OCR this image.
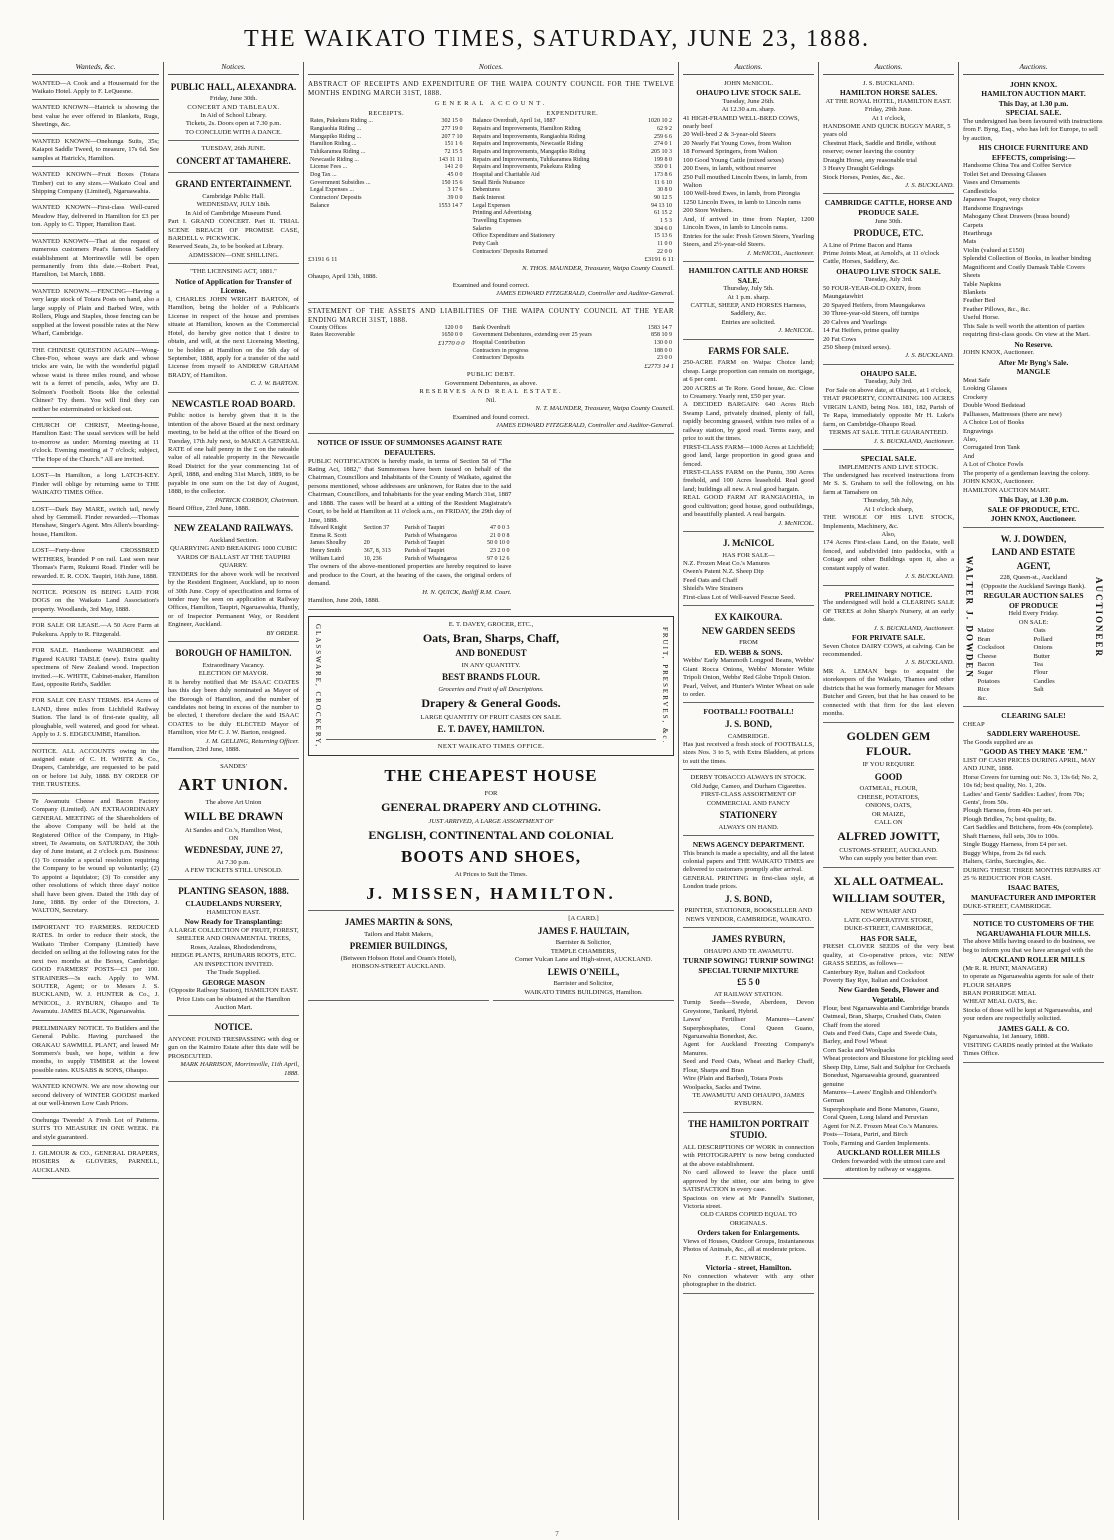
THE WAIKATO TIMES, SATURDAY, JUNE 23, 1888.
Wanteds, &c.

WANTED—A Cook and a Housemaid for the Waikato Hotel. Apply to F. LeQuesne.

WANTED KNOWN—Hatrick is showing the best value he ever offered in Blankets, Rugs, Sheetings, &c.

WANTED KNOWN—Onehunga Suits, 35s; Kaiapoi Saddle Tweed, to measure, 17s 6d. See samples at Hatrick's, Hamilton.

WANTED KNOWN—Fruit Boxes (Totara Timber) cut to any sizes.—Waikato Coal and Shipping Company (Limited), Ngaruawahia.

WANTED KNOWN—First-class Well-cured Meadow Hay, delivered in Hamilton for £3 per ton. Apply to C. Tipper, Hamilton East.

WANTED KNOWN—That at the request of numerous customers Peat's famous Saddlery establishment at Morrinsville will be open permanently from this date.—Robert Peat, Hamilton, 1st March, 1888.

WANTED KNOWN.—FENCING—Having a very large stock of Totara Posts on hand, also a large supply of Plain and Barbed Wire, with Rollers, Plugs and Staples, those fencing can be supplied at the lowest possible rates at the New Wharf, Cambridge.

THE CHINESE QUESTION AGAIN—Wong-Chee-Foo, whose ways are dark and whose tricks are vain, lie with the wonderful pigtail whose waist is three miles round, and whose wit is a ferret of pencils, asks, Why are D. Solmon's Footbolt Boots like the celestial Chinee? Try them. You will find they can neither be exterminated or kicked out.

CHURCH OF CHRIST, Meeting-house, Hamilton East: The usual services will be held to-morrow as under: Morning meeting at 11 o'clock. Evening meeting at 7 o'clock; subject, "The Hope of the Church." All are invited.

LOST—In Hamilton, a long LATCH-KEY. Finder will oblige by returning same to THE WAIKATO TIMES Office.

LOST—Dark Bay MARE, switch tail, newly shod by Gemmell. Finder rewarded.—Thomas Henshaw, Singer's Agent. Mrs Allen's boarding-house, Hamilton.

LOST—Forty-three CROSSBRED WETHERS, branded P on rail. Last seen near Thomas's Farm, Rukumi Road. Finder will be rewarded. E. R. COX. Taupiri, 16th June, 1888.

NOTICE. POISON IS BEING LAID FOR DOGS on the Waikato Land Association's property. Woodlands, 3rd May, 1888.

FOR SALE OR LEASE.—A 50 Acre Farm at Pukekura. Apply to R. Fitzgerald.

FOR SALE. Handsome WARDROBE and Figured KAURI TABLE (new). Extra quality specimens of New Zealand wood. Inspection invited.—K. WHITE, Cabinet-maker, Hamilton East, opposite Reid's, Saddler.

FOR SALE ON EASY TERMS. 854 Acres of LAND, three miles from Lichfield Railway Station. The land is of first-rate quality, all ploughable, well watered, and good for wheat. Apply to J. S. EDGECUMBE, Hamilton.

NOTICE. ALL ACCOUNTS owing in the assigned estate of C. H. WHITE & Co., Drapers, Cambridge, are requested to be paid on or before 1st July, 1888. BY ORDER OF THE TRUSTEES.

Te Awamutu Cheese and Bacon Factory Company (Limited). AN EXTRAORDINARY GENERAL MEETING of the Shareholders of the above Company will be held at the Registered Office of the Company, in High-street, Te Awamutu, on SATURDAY, the 30th day of June instant, at 2 o'clock p.m. Business: (1) To consider a special resolution requiring the Company to be wound up voluntarily; (2) To appoint a liquidator; (3) To consider any other resolutions of which three days' notice shall have been given. Dated the 19th day of June, 1888. By order of the Directors, J. WALTON, Secretary.

IMPORTANT TO FARMERS. REDUCED RATES. In order to reduce their stock, the Waikato Timber Company (Limited) have decided on selling at the following rates for the next two months at the Boxes, Cambridge: GOOD FARMERS' POSTS—£3 per 100. STRAINERS—3s each. Apply to WM. SOUTER, Agent; or to Messrs J. S. BUCKLAND, W. J. HUNTER & Co., J. M'NICOL, J. RYBURN, Ohaupo and Te Awamutu. JAMES BLACK, Ngaruawahia.

PRELIMINARY NOTICE. To Builders and the General Public. Having purchased the ORAKAU SAWMILL PLANT, and leased Mr Sommers's bush, we hope, within a few months, to supply TIMBER at the lowest possible rates. KUSABS & SONS, Ohaupo.

WANTED KNOWN. We are now showing our second delivery of WINTER GOODS! marked at our well-known Low Cash Prices.

Onehunga Tweeds! A Fresh Lot of Patterns. SUITS TO MEASURE IN ONE WEEK. Fit and style guaranteed.

J. GILMOUR & CO., GENERAL DRAPERS, HOSIERS & GLOVERS, PARNELL, AUCKLAND.

Notices.
PUBLIC HALL, ALEXANDRA.
Friday, June 30th.
CONCERT AND TABLEAUX.
In Aid of School Library.
Tickets, 2s. Doors open at 7.30 p.m.
TO CONCLUDE WITH A DANCE.
TUESDAY, 26th JUNE.
CONCERT AT TAMAHERE.
GRAND ENTERTAINMENT.
Cambridge Public Hall.
WEDNESDAY, JULY 18th.
In Aid of Cambridge Museum Fund.

Part I. GRAND CONCERT. Part II. TRIAL SCENE BREACH OF PROMISE CASE, BARDELL v. PICKWICK.

Reserved Seats, 2s, to be booked at Library.

ADMISSION—ONE SHILLING.
"THE LICENSING ACT, 1881."
Notice of Application for Transfer of License.

I, CHARLES JOHN WRIGHT BARTON, of Hamilton, being the holder of a Publican's License in respect of the house and premises situate at Hamilton, known as the Commercial Hotel, do hereby give notice that I desire to obtain, and will, at the next Licensing Meeting, to be holden at Hamilton on the 5th day of September, 1888, apply for a transfer of the said License from myself to ANDREW GRAHAM BRADY, of Hamilton.

C. J. W. BARTON.
NEWCASTLE ROAD BOARD.

Public notice is hereby given that it is the intention of the above Board at the next ordinary meeting, to be held at the office of the Board on Tuesday, 17th July next, to MAKE A GENERAL RATE of one half penny in the £ on the rateable value of all rateable property in the Newcastle Road District for the year commencing 1st of April, 1888, and ending 31st March, 1889, to be payable in one sum on the 1st day of August, 1888, to the collector.

PATRICK CORBOY, Chairman.
Board Office, 23rd June, 1888.
NEW ZEALAND RAILWAYS.
Auckland Section.
QUARRYING AND BREAKING 1000 CUBIC YARDS OF BALLAST AT THE TAUPIRI QUARRY.

TENDERS for the above work will be received by the Resident Engineer, Auckland, up to noon of 30th June. Copy of specification and forms of tender may be seen on application at Railway Offices, Hamilton, Taupiri, Ngaruawahia, Huntly, or of Inspector Permanent Way, or Resident Engineer, Auckland.

BY ORDER.
BOROUGH OF HAMILTON.
Extraordinary Vacancy.
ELECTION OF MAYOR.

It is hereby notified that Mr ISAAC COATES has this day been duly nominated as Mayor of the Borough of Hamilton, and the number of candidates not being in excess of the number to be elected, I therefore declare the said ISAAC COATES to be duly ELECTED Mayor of Hamilton, vice Mr C. J. W. Barton, resigned.

J. M. GELLING, Returning Officer.
Hamilton, 23rd June, 1888.
SANDES'
ART UNION.
The above Art Union
WILL BE DRAWN
At Sandes and Co.'s, Hamilton West,
ON
WEDNESDAY, JUNE 27,
At 7.30 p.m.
A FEW TICKETS STILL UNSOLD.
PLANTING SEASON, 1888.
CLAUDELANDS NURSERY,
HAMILTON EAST.
Now Ready for Transplanting:
A LARGE COLLECTION OF FRUIT, FOREST, SHELTER AND ORNAMENTAL TREES,
Roses, Azaleas, Rhododendrons,
HEDGE PLANTS, RHUBARB ROOTS, ETC.
AN INSPECTION INVITED.
The Trade Supplied.
GEORGE MASON
(Opposite Railway Station), HAMILTON EAST.
Price Lists can be obtained at the Hamilton Auction Mart.
NOTICE.

ANYONE FOUND TRESPASSING with dog or gun on the Kaimiro Estate after this date will be PROSECUTED.

MARK HARRISON, Morrinsville, 11th April, 1888.
Notices.

ABSTRACT OF RECEIPTS AND EXPENDITURE OF THE WAIPA COUNTY COUNCIL FOR THE TWELVE MONTHS ENDING MARCH 31ST, 1888.

GENERAL ACCOUNT.
RECEIPTS.
Rates, Pukekura Riding ...	302 15 0
Rangiaohia Riding ...	277 19 0
Mangapiko Riding ...	207 7 10
Hamilton Riding ...	151 1 6
Tuhikaramea Riding ...	72 15 5
Newcastle Riding ...	143 11 11
License Fees ...	141 2 0
Dog Tax ...	45 0 0
Government Subsidies ...	150 15 6
Legal Expenses ...	3 17 6
Contractors' Deposits	39 0 0
Balance	1553 14 7
EXPENDITURE.
Balance Overdraft, April 1st, 1887	1020 10 2
Repairs and Improvements, Hamilton Riding	62 9 2
Repairs and Improvements, Rangiaohia Riding	259 6 6
Repairs and Improvements, Newcastle Riding	274 0 1
Repairs and Improvements, Mangapiko Riding	205 10 3
Repairs and Improvements, Tuhikaramea Riding	199 8 0
Repairs and Improvements, Pukekura Riding	350 0 1
Hospital and Charitable Aid	173 8 6
Small Birds Nuisance	11 6 10
Debentures	30 8 0
Bank Interest	90 12 5
Legal Expenses	94 13 10
Printing and Advertising	61 15 2
Travelling Expenses	1 5 3
Salaries	304 6 0
Office Expenditure and Stationery	15 13 6
Petty Cash	11 0 0
Contractors' Deposits Returned	22 0 0
£3191 6 11	£3191 6 11
N. THOS. MAUNDER, Treasurer, Waipa County Council.
Ohaupo, April 13th, 1888.
Examined and found correct.
JAMES EDWARD FITZGERALD, Controller and Auditor-General.

STATEMENT OF THE ASSETS AND LIABILITIES OF THE WAIPA COUNTY COUNCIL AT THE YEAR ENDING MARCH 31ST, 1888.

County Offices	120 0 0
Rates Recoverable	1650 0 0
£1770 0 0
Bank Overdraft	1583 14 7
Government Debentures, extending over 25 years	858 10 9
Hospital Contribution	130 0 0
Contractors in progress	188 0 0
Contractors' Deposits	23 0 0
£2773 14 1
PUBLIC DEBT.
Government Debentures, as above.
RESERVES AND REAL ESTATE.
Nil.
N. T. MAUNDER, Treasurer, Waipa County Council.
Examined and found correct.
JAMES EDWARD FITZGERALD, Controller and Auditor-General.
NOTICE OF ISSUE OF SUMMONSES AGAINST RATE DEFAULTERS.

PUBLIC NOTIFICATION is hereby made, in terms of Section 58 of "The Rating Act, 1882," that Summonses have been issued on behalf of the Chairman, Councillors and Inhabitants of the County of Waikato, against the persons mentioned, whose addresses are unknown, for Rates due to the said Chairman, Councillors, and Inhabitants for the year ending March 31st, 1887 and 1888. The cases will be heard at a sitting of the Resident Magistrate's Court, to be held at Hamilton at 11 o'clock a.m., on FRIDAY, the 29th day of June, 1888.

Edward Knight	Section 37	Parish of Taupiri	47 0 0 3
Emma R. Scott		Parish of Whaingaroa	21 0 0 8
James Shoulby	20	Parish of Taupiri	50 0 10 0
Henry Smith	367, 8, 313	Parish of Taupiri	23 2 0 0
William Laird	10, 236	Parish of Whaingaroa	97 0 12 6

The owners of the above-mentioned properties are hereby required to leave and produce to the Court, at the hearing of the cases, the original orders of demand.

H. N. QUICK, Bailiff R.M. Court.
Hamilton, June 20th, 1888.
GLASSWARE, CROCKERY,	E. T. DAVEY, GROCER, ETC.,
Oats, Bran, Sharps, Chaff,
AND BONEDUST
IN ANY QUANTITY.
BEST BRANDS FLOUR.
Groceries and Fruit of all Descriptions.
Drapery & General Goods.
LARGE QUANTITY OF FRUIT CASES ON SALE.
E. T. DAVEY, HAMILTON.
NEXT WAIKATO TIMES OFFICE.
FRUIT, PRESERVES, &c.
THE CHEAPEST HOUSE
FOR
GENERAL DRAPERY AND CLOTHING.
JUST ARRIVED, A LARGE ASSORTMENT OF
ENGLISH, CONTINENTAL AND COLONIAL
BOOTS AND SHOES,
At Prices to Suit the Times.
J. MISSEN, HAMILTON.
JAMES MARTIN & SONS,
Tailors and Habit Makers,
PREMIER BUILDINGS,
(Between Hobson Hotel and Oram's Hotel),
HOBSON-STREET AUCKLAND.
[A CARD.]
JAMES F. HAULTAIN,
Barrister & Solicitor,
TEMPLE CHAMBERS,
Corner Vulcan Lane and High-street, AUCKLAND.
LEWIS O'NEILL,
Barrister and Solicitor,
WAIKATO TIMES BUILDINGS, Hamilton.
Auctions.
JOHN McNICOL.
OHAUPO LIVE STOCK SALE.
Tuesday, June 26th.
At 12.30 a.m. sharp.
41 HIGH-FRAMED WELL-BRED COWS, nearly beef
20 Well-bred 2 & 3-year-old Steers
20 Nearly Fat Young Cows, from Walton
18 Forward Springers, from Walton
100 Good Young Cattle (mixed sexes)
200 Ewes, in lamb, without reserve
250 Full mouthed Lincoln Ewes, in lamb, from Walton
100 Well-bred Ewes, in lamb, from Pirongia
1250 Lincoln Ewes, in lamb to Lincoln rams
200 Store Wethers.

And, if arrived in time from Napier, 1200 Lincoln Ewes, in lamb to Lincoln rams.

Entries for the sale: Fresh Grown Steers, Yearling Steers, and 2½-year-old Steers.

J. McNICOL, Auctioneer.
HAMILTON CATTLE AND HORSE SALE.
Thursday, July 5th.
At 1 p.m. sharp.
CATTLE, SHEEP, AND HORSES Harness, Saddlery, &c.
Entries are solicited.
J. McNICOL.
FARMS FOR SALE.

250-ACRE FARM on Waipa: Choice land; cheap. Large proportion can remain on mortgage, at 6 per cent.

200 ACRES at Te Rore. Good house, &c. Close to Creamery. Yearly rent, £50 per year.

A DECIDED BARGAIN: 640 Acres Rich Swamp Land, privately drained, plenty of fall, rapidly becoming grassed, within two miles of a railway station, by good road. Terms easy, and price to suit the times.

FIRST-CLASS FARM—1000 Acres at Lichfield; good land, large proportion in good grass and fenced.

FIRST-CLASS FARM on the Puniu, 390 Acres freehold, and 100 Acres leasehold. Real good land; buildings all new. A real good bargain.

REAL GOOD FARM AT RANGIAOHIA, in good cultivation; good house, good outbuildings, and beautifully planted. A real bargain.

J. McNICOL.
J. McNICOL
HAS FOR SALE—
N.Z. Frozen Meat Co.'s Manures
Owen's Patent N.Z. Sheep Dip
Feed Oats and Chaff
Shield's Wire Strainers
First-class Lot of Well-saved Fescue Seed.
EX KAIKOURA.
NEW GARDEN SEEDS
FROM
ED. WEBB & SONS.

Webbs' Early Mammoth Longpod Beans, Webbs' Giant Rocca Onions, Webbs' Monster White Tripoli Onion, Webbs' Red Globe Tripoli Onion.

Pearl, Velvet, and Hunter's Winter Wheat on sale to order.

FOOTBALL! FOOTBALL!
J. S. BOND,
CAMBRIDGE.

Has just received a fresh stock of FOOTBALLS, sizes Nos. 3 to 5, with Extra Bladders, at prices to suit the times.

DERBY TOBACCO ALWAYS IN STOCK.
Old Judge, Cameo, and Durham Cigarettes.
FIRST-CLASS ASSORTMENT OF COMMERCIAL AND FANCY
STATIONERY
ALWAYS ON HAND.
NEWS AGENCY DEPARTMENT.

This branch is made a speciality, and all the latest colonial papers and THE WAIKATO TIMES are delivered to customers promptly after arrival.

GENERAL PRINTING in first-class style, at London trade prices.

J. S. BOND,
PRINTER, STATIONER, BOOKSELLER AND NEWS VENDOR, CAMBRIDGE, WAIKATO.
JAMES RYBURN,
OHAUPO AND TE AWAMUTU.
TURNIP SOWING! TURNIP SOWING!
SPECIAL TURNIP MIXTURE
£5 5 0
AT RAILWAY STATION.

Turnip Seeds—Swede, Aberdeen, Devon Greystone, Tankard, Hybrid.

Lawes' Fertiliser Manures—Lawes' Superphosphates, Coral Queen Guano, Ngaruawahia Bonedust, &c.

Agent for Auckland Freezing Company's Manures.

Seed and Feed Oats, Wheat and Barley Chaff, Flour, Sharps and Bran

Wire (Plain and Barbed), Totara Posts

Woolpacks, Sacks and Twine.

TE AWAMUTU AND OHAUPO, JAMES RYBURN.
THE HAMILTON PORTRAIT STUDIO.

ALL DESCRIPTIONS OF WORK in connection with PHOTOGRAPHY is now being conducted at the above establishment.

No card allowed to leave the place until approved by the sitter, our aim being to give SATISFACTION in every case.

Spacious on view at Mr Pannell's Stationer, Victoria street.

OLD CARDS COPIED EQUAL TO ORIGINALS.
Orders taken for Enlargements.

Views of Houses, Outdoor Groups, Instantaneous Photos of Animals, &c., all at moderate prices.

F. C. NEWRICK,
Victoria - street, Hamilton.

No connection whatever with any other photographer in the district.

Auctions.
J. S. BUCKLAND.
HAMILTON HORSE SALES.
AT THE ROYAL HOTEL, HAMILTON EAST.
Friday, 29th June.
At 1 o'clock,
HANDSOME AND QUICK BUGGY MARE, 5 years old
Chestnut Hack, Saddle and Bridle, without reserve; owner leaving the country
Draught Horse, any reasonable trial
3 Heavy Draught Geldings
Stock Horses, Ponies, &c., &c.
J. S. BUCKLAND.
CAMBRIDGE CATTLE, HORSE AND PRODUCE SALE.
June 30th.
PRODUCE, ETC.
A Line of Prime Bacon and Hams
Prime Joints Meat, at Arnold's, at 11 o'clock
Cattle, Horses, Saddlery, &c.
OHAUPO LIVE STOCK SALE.
Tuesday, July 3rd.
50 FOUR-YEAR-OLD OXEN, from Maungatawhiri
20 Spayed Heifers, from Maungakawa
30 Three-year-old Steers, off turnips
20 Calves and Yearlings
14 Fat Heifers, prime quality
20 Fat Cows
250 Sheep (mixed sexes).
J. S. BUCKLAND.
OHAUPO SALE.
Tuesday, July 3rd.
For Sale on above date, at Ohaupo, at 1 o'clock,

THAT PROPERTY, CONTAINING 100 ACRES VIRGIN LAND, being Nos. 181, 182, Parish of Te Rapa, immediately opposite Mr H. Luke's farm, on Cambridge-Ohaupo Road.

TERMS AT SALE. TITLE GUARANTEED.
J. S. BUCKLAND, Auctioneer.
SPECIAL SALE.
IMPLEMENTS AND LIVE STOCK.

The undersigned has received instructions from Mr S. S. Graham to sell the following, on his farm at Tamahere on

Thursday, 5th July,
At 1 o'clock sharp,

THE WHOLE OF HIS LIVE STOCK, Implements, Machinery, &c.

Also,

174 Acres First-class Land, on the Estate, well fenced, and subdivided into paddocks, with a Cottage and other Buildings upon it, also a constant supply of water.

J. S. BUCKLAND.
PRELIMINARY NOTICE.

The undersigned will hold a CLEARING SALE OF TREES at John Sharp's Nursery, at an early date.

J. S. BUCKLAND, Auctioneer.
FOR PRIVATE SALE.

Seven Choice DAIRY COWS, at calving. Can be recommended.

J. S. BUCKLAND.

MR A. LEMAN begs to acquaint the storekeepers of the Waikato, Thames and other districts that he was formerly manager for Messrs Butcher and Green, but that he has ceased to be connected with that firm for the last eleven months.

GOLDEN GEM FLOUR.
IF YOU REQUIRE
GOOD
OATMEAL, FLOUR,
CHEESE, POTATOES,
ONIONS, OATS,
OR MAIZE,
CALL ON
ALFRED JOWITT,
CUSTOMS-STREET, AUCKLAND.
Who can supply you better than ever.
XL ALL OATMEAL.
WILLIAM SOUTER,
NEW WHARF AND
LATE CO-OPERATIVE STORE,
DUKE-STREET, CAMBRIDGE,
HAS FOR SALE,

FRESH CLOVER SEEDS of the very best quality, at Co-operative prices, viz: NEW GRASS SEEDS, as follows—

Canterbury Rye, Italian and Cocksfoot
Poverty Bay Rye, Italian and Cocksfoot
New Garden Seeds, Flower and Vegetable.
Flour, best Ngaruawahia and Cambridge brands
Oatmeal, Bran, Sharps, Crushed Oats, Oaten Chaff from the stored
Oats and Feed Oats, Cape and Swede Oats, Barley, and Fowl Wheat
Corn Sacks and Woolpacks
Wheat protectors and Bluestone for pickling seed
Sheep Dip, Lime, Salt and Sulphur for Orchards
Bonedust, Ngaruawahia ground, guaranteed genuine
Manures—Lawes' English and Ohlendorf's German
Superphosphate and Bone Manures, Guano, Coral Queen, Long Island and Peruvian
Agent for N.Z. Frozen Meat Co.'s Manures.
Posts—Totara, Puriri, and Birch
Tools, Farming and Garden Implements.
AUCKLAND ROLLER MILLS
Orders forwarded with the utmost care and attention by railway or waggons.
Auctions.
JOHN KNOX.
HAMILTON AUCTION MART.
This Day, at 1.30 p.m.
SPECIAL SALE.
The undersigned has been favoured with instructions from F. Byng, Esq., who has left for Europe, to sell by auction,
HIS CHOICE FURNITURE AND EFFECTS, comprising:—
Handsome China Tea and Coffee Service
Toilet Set and Dressing Glasses
Vases and Ornaments
Candlesticks
Japanese Teapot, very choice
Handsome Engravings
Mahogany Chest Drawers (brass bound)
Carpets
Hearthrugs
Mats
Violin (valued at £150)
Splendid Collection of Books, in leather binding
Magnificent and Costly Damask Table Covers
Sheets
Table Napkins
Blankets
Feather Bed
Feather Pillows, &c., &c.
Useful Horse.
This Sale is well worth the attention of parties requiring first-class goods. On view at the Mart.
No Reserve.
JOHN KNOX, Auctioneer.
After Mr Byng's Sale.
MANGLE
Meat Safe
Looking Glasses
Crockery
Double Wood Bedstead
Palliasses, Mattresses (there are new)
A Choice Lot of Books
Engravings
Also,
Corrugated Iron Tank
And
A Lot of Choice Fowls
The property of a gentleman leaving the colony.
JOHN KNOX, Auctioneer.
HAMILTON AUCTION MART.
This Day, at 1.30 p.m.
SALE OF PRODUCE, ETC.
JOHN KNOX, Auctioneer.
WALTER J. DOWDEN
W. J. DOWDEN,
LAND AND ESTATE
AGENT,
228, Queen-st., Auckland
(Opposite the Auckland Savings Bank).
REGULAR AUCTION SALES OF PRODUCE
Held Every Friday.
ON SALE:
Maize	Oats
Bran	Pollard
Cocksfoot	Onions
Cheese	Butter
Bacon	Tea
Sugar	Flour
Potatoes	Candles
Rice	Salt
&c.
AUCTIONEER
CLEARING SALE!
CHEAP
SADDLERY WAREHOUSE.
The Goods supplied are as
"GOOD AS THEY MAKE 'EM."
LIST OF CASH PRICES DURING APRIL, MAY AND JUNE, 1888.
Horse Covers for turning out: No. 3, 13s 6d; No. 2, 10s 6d; best quality, No. 1, 20s.
Ladies' and Gents' Saddles: Ladies', from 70s; Gents', from 50s.
Plough Harness, from 40s per set.
Plough Bridles, 7s; best quality, 8s.
Cart Saddles and Britchens, from 40s (complete).
Shaft Harness, full sets, 30s to 100s.
Single Buggy Harness, from £4 per set.
Buggy Whips, from 2s 6d each.
Halters, Girths, Surcingles, &c.
DURING THESE THREE MONTHS REPAIRS AT 25 % REDUCTION FOR CASH.
ISAAC BATES,
MANUFACTURER AND IMPORTER
DUKE-STREET, CAMBRIDGE.
NOTICE TO CUSTOMERS OF THE NGARUAWAHIA FLOUR MILLS.
The above Mills having ceased to do business, we beg to inform you that we have arranged with the
AUCKLAND ROLLER MILLS
(Mr R. R. HUNT, MANAGER)
to operate as Ngaruawahia agents for sale of their
FLOUR SHARPS
BRAN PORRIDGE MEAL
WHEAT MEAL OATS, &c.
Stocks of those will be kept at Ngaruawahia, and your orders are respectfully solicited.
JAMES GALL & CO.
Ngaruawahia, 1st January, 1888.
VISITING CARDS neatly printed at the Waikato Times Office.
7
